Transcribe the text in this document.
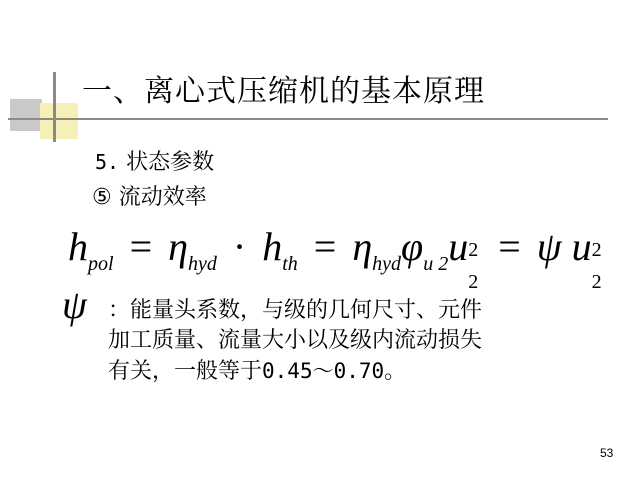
一、离心式压缩机的基本原理
5. 状态参数
⑤ 流动效率
$h_{pol} = \eta_{hyd} \cdot h_{th} = \eta_{hyd}\varphi_{u 2}u$ 2
2
= ψ u 2
2
ψ ：能量头系数，与级的几何尺寸、元件
加工质量、流量大小以及级内流动损失
有关，一般等于0.45～0.70。
53
